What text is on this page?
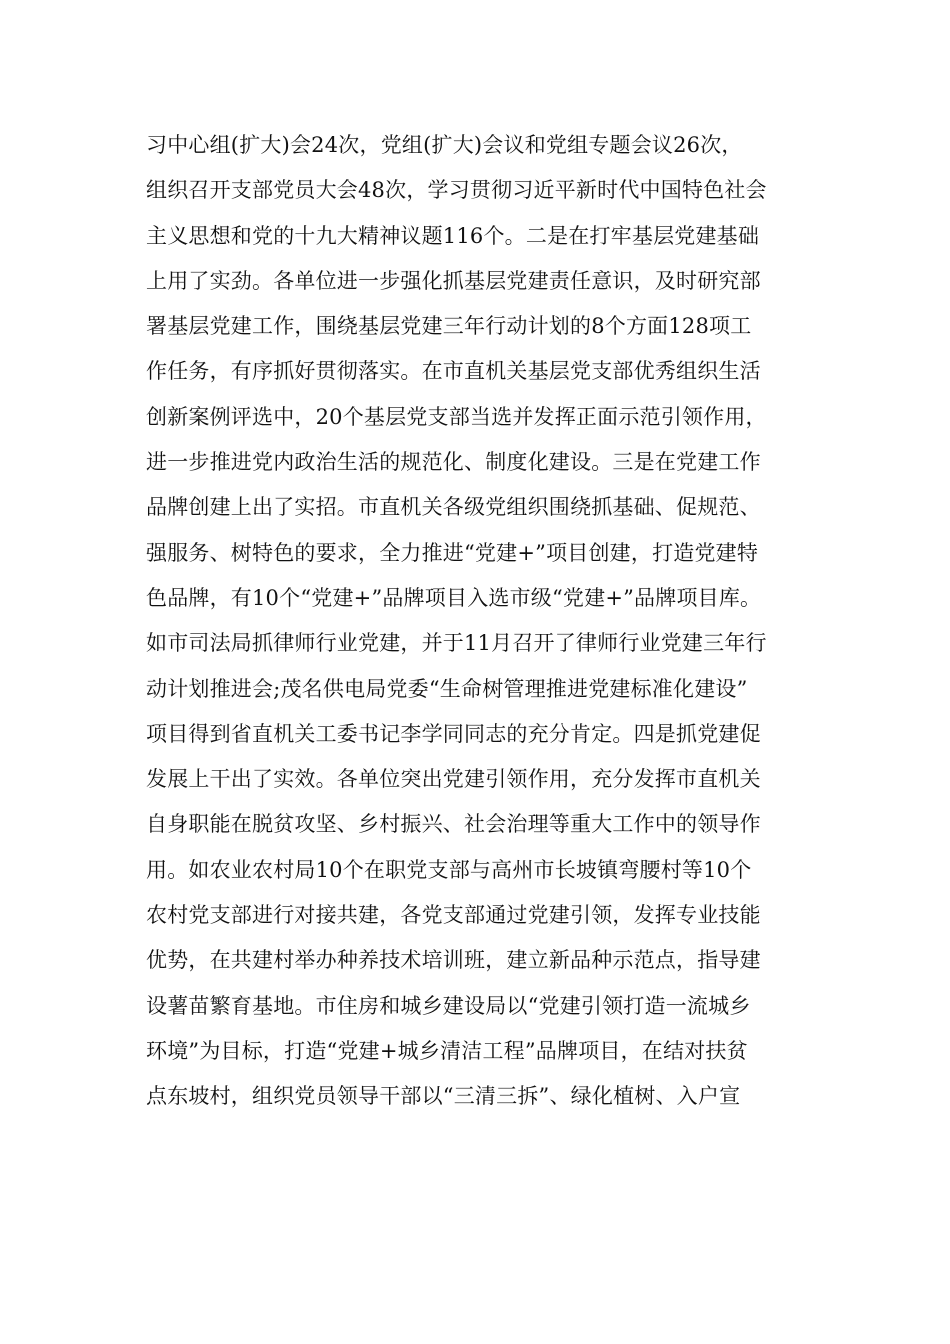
习中心组(扩大)会24次，党组(扩大)会议和党组专题会议26次，
组织召开支部党员大会48次，学习贯彻习近平新时代中国特色社会
主义思想和党的十九大精神议题116个。二是在打牢基层党建基础
上用了实劲。各单位进一步强化抓基层党建责任意识，及时研究部
署基层党建工作，围绕基层党建三年行动计划的8个方面128项工
作任务，有序抓好贯彻落实。在市直机关基层党支部优秀组织生活
创新案例评选中，20个基层党支部当选并发挥正面示范引领作用，
进一步推进党内政治生活的规范化、制度化建设。三是在党建工作
品牌创建上出了实招。市直机关各级党组织围绕抓基础、促规范、
强服务、树特色的要求，全力推进“党建+”项目创建，打造党建特
色品牌，有10个“党建+”品牌项目入选市级“党建+”品牌项目库。
如市司法局抓律师行业党建，并于11月召开了律师行业党建三年行
动计划推进会;茂名供电局党委“生命树管理推进党建标准化建设”
项目得到省直机关工委书记李学同同志的充分肯定。四是抓党建促
发展上干出了实效。各单位突出党建引领作用，充分发挥市直机关
自身职能在脱贫攻坚、乡村振兴、社会治理等重大工作中的领导作
用。如农业农村局10个在职党支部与高州市长坡镇弯腰村等10个
农村党支部进行对接共建，各党支部通过党建引领，发挥专业技能
优势，在共建村举办种养技术培训班，建立新品种示范点，指导建
设薯苗繁育基地。市住房和城乡建设局以“党建引领打造一流城乡
环境”为目标，打造“党建+城乡清洁工程”品牌项目，在结对扶贫
点东坡村，组织党员领导干部以“三清三拆”、绿化植树、入户宣
